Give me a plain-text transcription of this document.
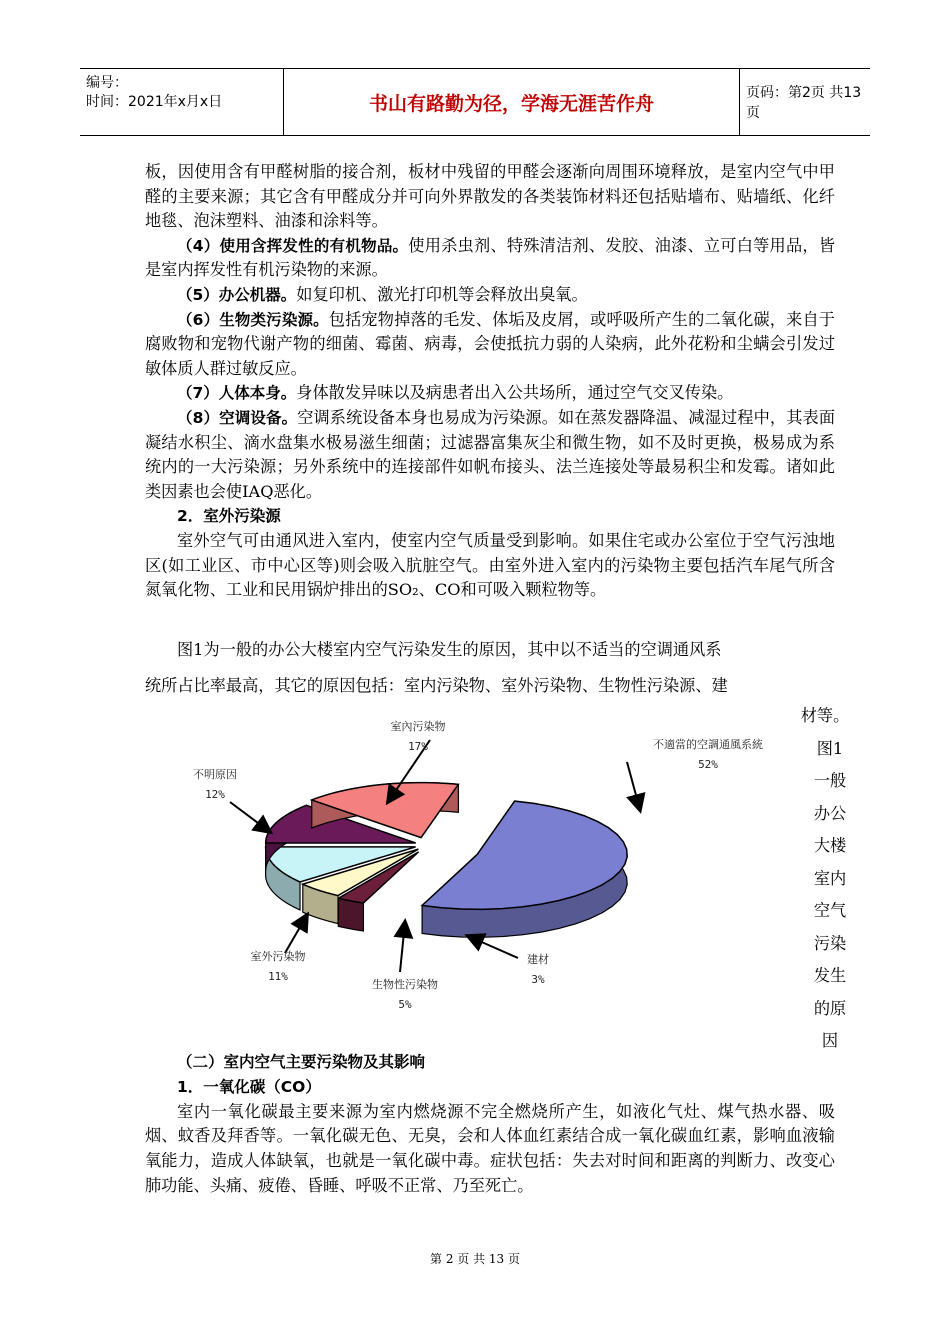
编号：
时间：2021年x月x日	书山有路勤为径，学海无涯苦作舟	页码：第2页 共13页

板，因使用含有甲醛树脂的接合剂，板材中残留的甲醛会逐渐向周围环境释放，是室内空气中甲醛的主要来源；其它含有甲醛成分并可向外界散发的各类装饰材料还包括贴墙布、贴墙纸、化纤地毯、泡沫塑料、油漆和涂料等。

（4）使用含挥发性的有机物品。使用杀虫剂、特殊清洁剂、发胶、油漆、立可白等用品，皆是室内挥发性有机污染物的来源。

（5）办公机器。如复印机、激光打印机等会释放出臭氧。

（6）生物类污染源。包括宠物掉落的毛发、体垢及皮屑，或呼吸所产生的二氧化碳，来自于腐败物和宠物代谢产物的细菌、霉菌、病毒，会使抵抗力弱的人染病，此外花粉和尘螨会引发过敏体质人群过敏反应。

（7）人体本身。身体散发异味以及病患者出入公共场所，通过空气交叉传染。

（8）空调设备。空调系统设备本身也易成为污染源。如在蒸发器降温、减湿过程中，其表面凝结水积尘、滴水盘集水极易滋生细菌；过滤器富集灰尘和微生物，如不及时更换，极易成为系统内的一大污染源；另外系统中的连接部件如帆布接头、法兰连接处等最易积尘和发霉。诸如此类因素也会使IAQ恶化。

2．室外污染源

室外空气可由通风进入室内，使室内空气质量受到影响。如果住宅或办公室位于空气污浊地区(如工业区、市中心区等)则会吸入肮脏空气。由室外进入室内的污染物主要包括汽车尾气所含氮氧化物、工业和民用锅炉排出的SO₂、CO和可吸入颗粒物等。

图1为一般的办公大楼室内空气污染发生的原因，其中以不适当的空调通风系

统所占比率最高，其它的原因包括：室内污染物、室外污染物、生物性污染源、建

材等。
图1
一般
办公
大楼
室内
空气
污染
发生
的原
因
不適當的空調通風系統
52%
建材
3%
生物性污染物
5%
室外污染物
11%
不明原因
12%
室內污染物
17%

（二）室内空气主要污染物及其影响

1．一氧化碳（CO）

室内一氧化碳最主要来源为室内燃烧源不完全燃烧所产生，如液化气灶、煤气热水器、吸烟、蚊香及拜香等。一氧化碳无色、无臭，会和人体血红素结合成一氧化碳血红素，影响血液输氧能力，造成人体缺氧，也就是一氧化碳中毒。症状包括：失去对时间和距离的判断力、改变心肺功能、头痛、疲倦、昏睡、呼吸不正常、乃至死亡。

第 2 页 共 13 页
